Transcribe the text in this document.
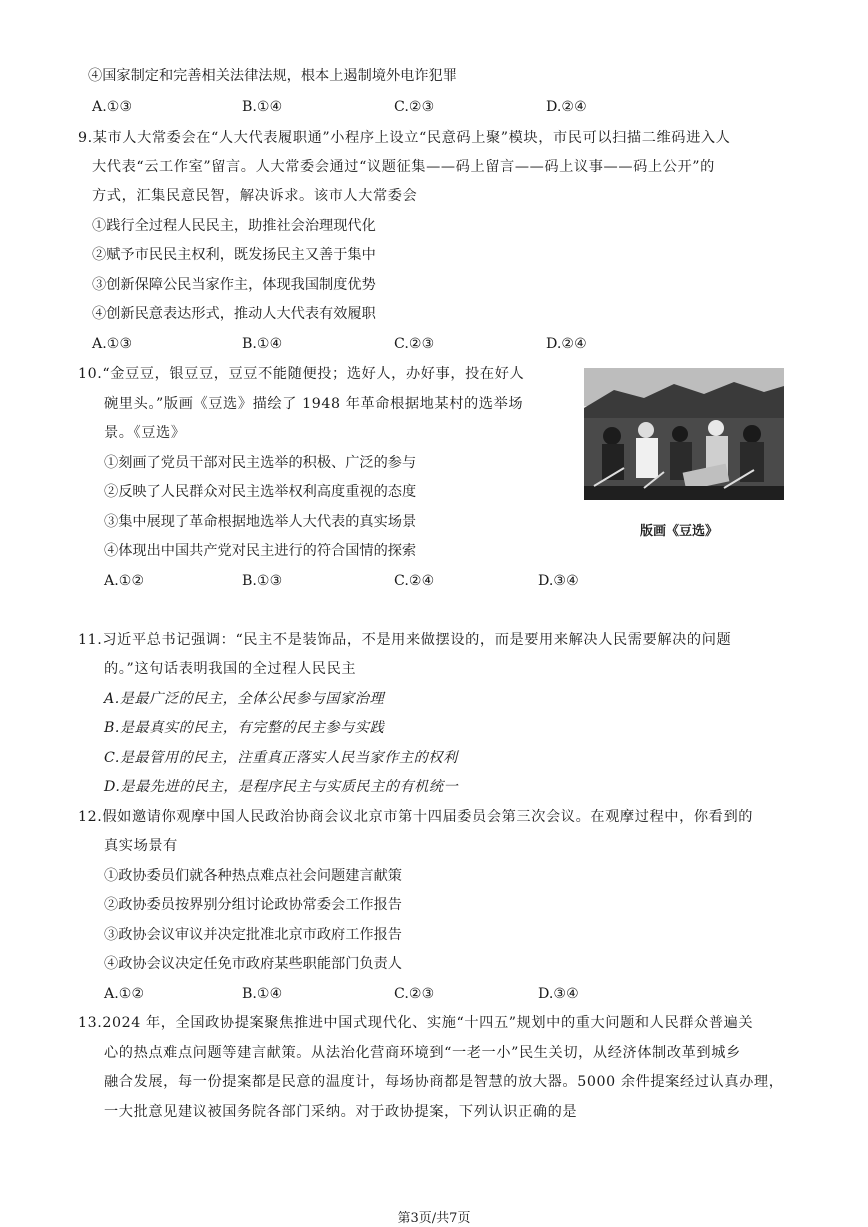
④国家制定和完善相关法律法规，根本上遏制境外电诈犯罪
A.①③	B.①④	C.②③	D.②④
9.某市人大常委会在“人大代表履职通”小程序上设立“民意码上聚”模块，市民可以扫描二维码进入人
大代表“云工作室”留言。人大常委会通过“议题征集——码上留言——码上议事——码上公开”的
方式，汇集民意民智，解决诉求。该市人大常委会
①践行全过程人民民主，助推社会治理现代化
②赋予市民民主权利，既发扬民主又善于集中
③创新保障公民当家作主，体现我国制度优势
④创新民意表达形式，推动人大代表有效履职
A.①③	B.①④	C.②③	D.②④
10.“金豆豆，银豆豆，豆豆不能随便投；选好人，办好事，投在好人
碗里头。”版画《豆选》描绘了 1948 年革命根据地某村的选举场
景。《豆选》
①刻画了党员干部对民主选举的积极、广泛的参与
②反映了人民群众对民主选举权利高度重视的态度
③集中展现了革命根据地选举人大代表的真实场景
④体现出中国共产党对民主进行的符合国情的探索
A.①②	B.①③	C.②④	D.③④
版画《豆选》
11.习近平总书记强调：“民主不是装饰品，不是用来做摆设的，而是要用来解决人民需要解决的问题
的。”这句话表明我国的全过程人民民主
A.是最广泛的民主，全体公民参与国家治理
B.是最真实的民主，有完整的民主参与实践
C.是最管用的民主，注重真正落实人民当家作主的权利
D.是最先进的民主，是程序民主与实质民主的有机统一
12.假如邀请你观摩中国人民政治协商会议北京市第十四届委员会第三次会议。在观摩过程中，你看到的
真实场景有
①政协委员们就各种热点难点社会问题建言献策
②政协委员按界别分组讨论政协常委会工作报告
③政协会议审议并决定批准北京市政府工作报告
④政协会议决定任免市政府某些职能部门负责人
A.①②	B.①④	C.②③	D.③④
13.2024 年，全国政协提案聚焦推进中国式现代化、实施“十四五”规划中的重大问题和人民群众普遍关
心的热点难点问题等建言献策。从法治化营商环境到“一老一小”民生关切，从经济体制改革到城乡
融合发展，每一份提案都是民意的温度计，每场协商都是智慧的放大器。5000 余件提案经过认真办理，
一大批意见建议被国务院各部门采纳。对于政协提案，下列认识正确的是
第3页/共7页
